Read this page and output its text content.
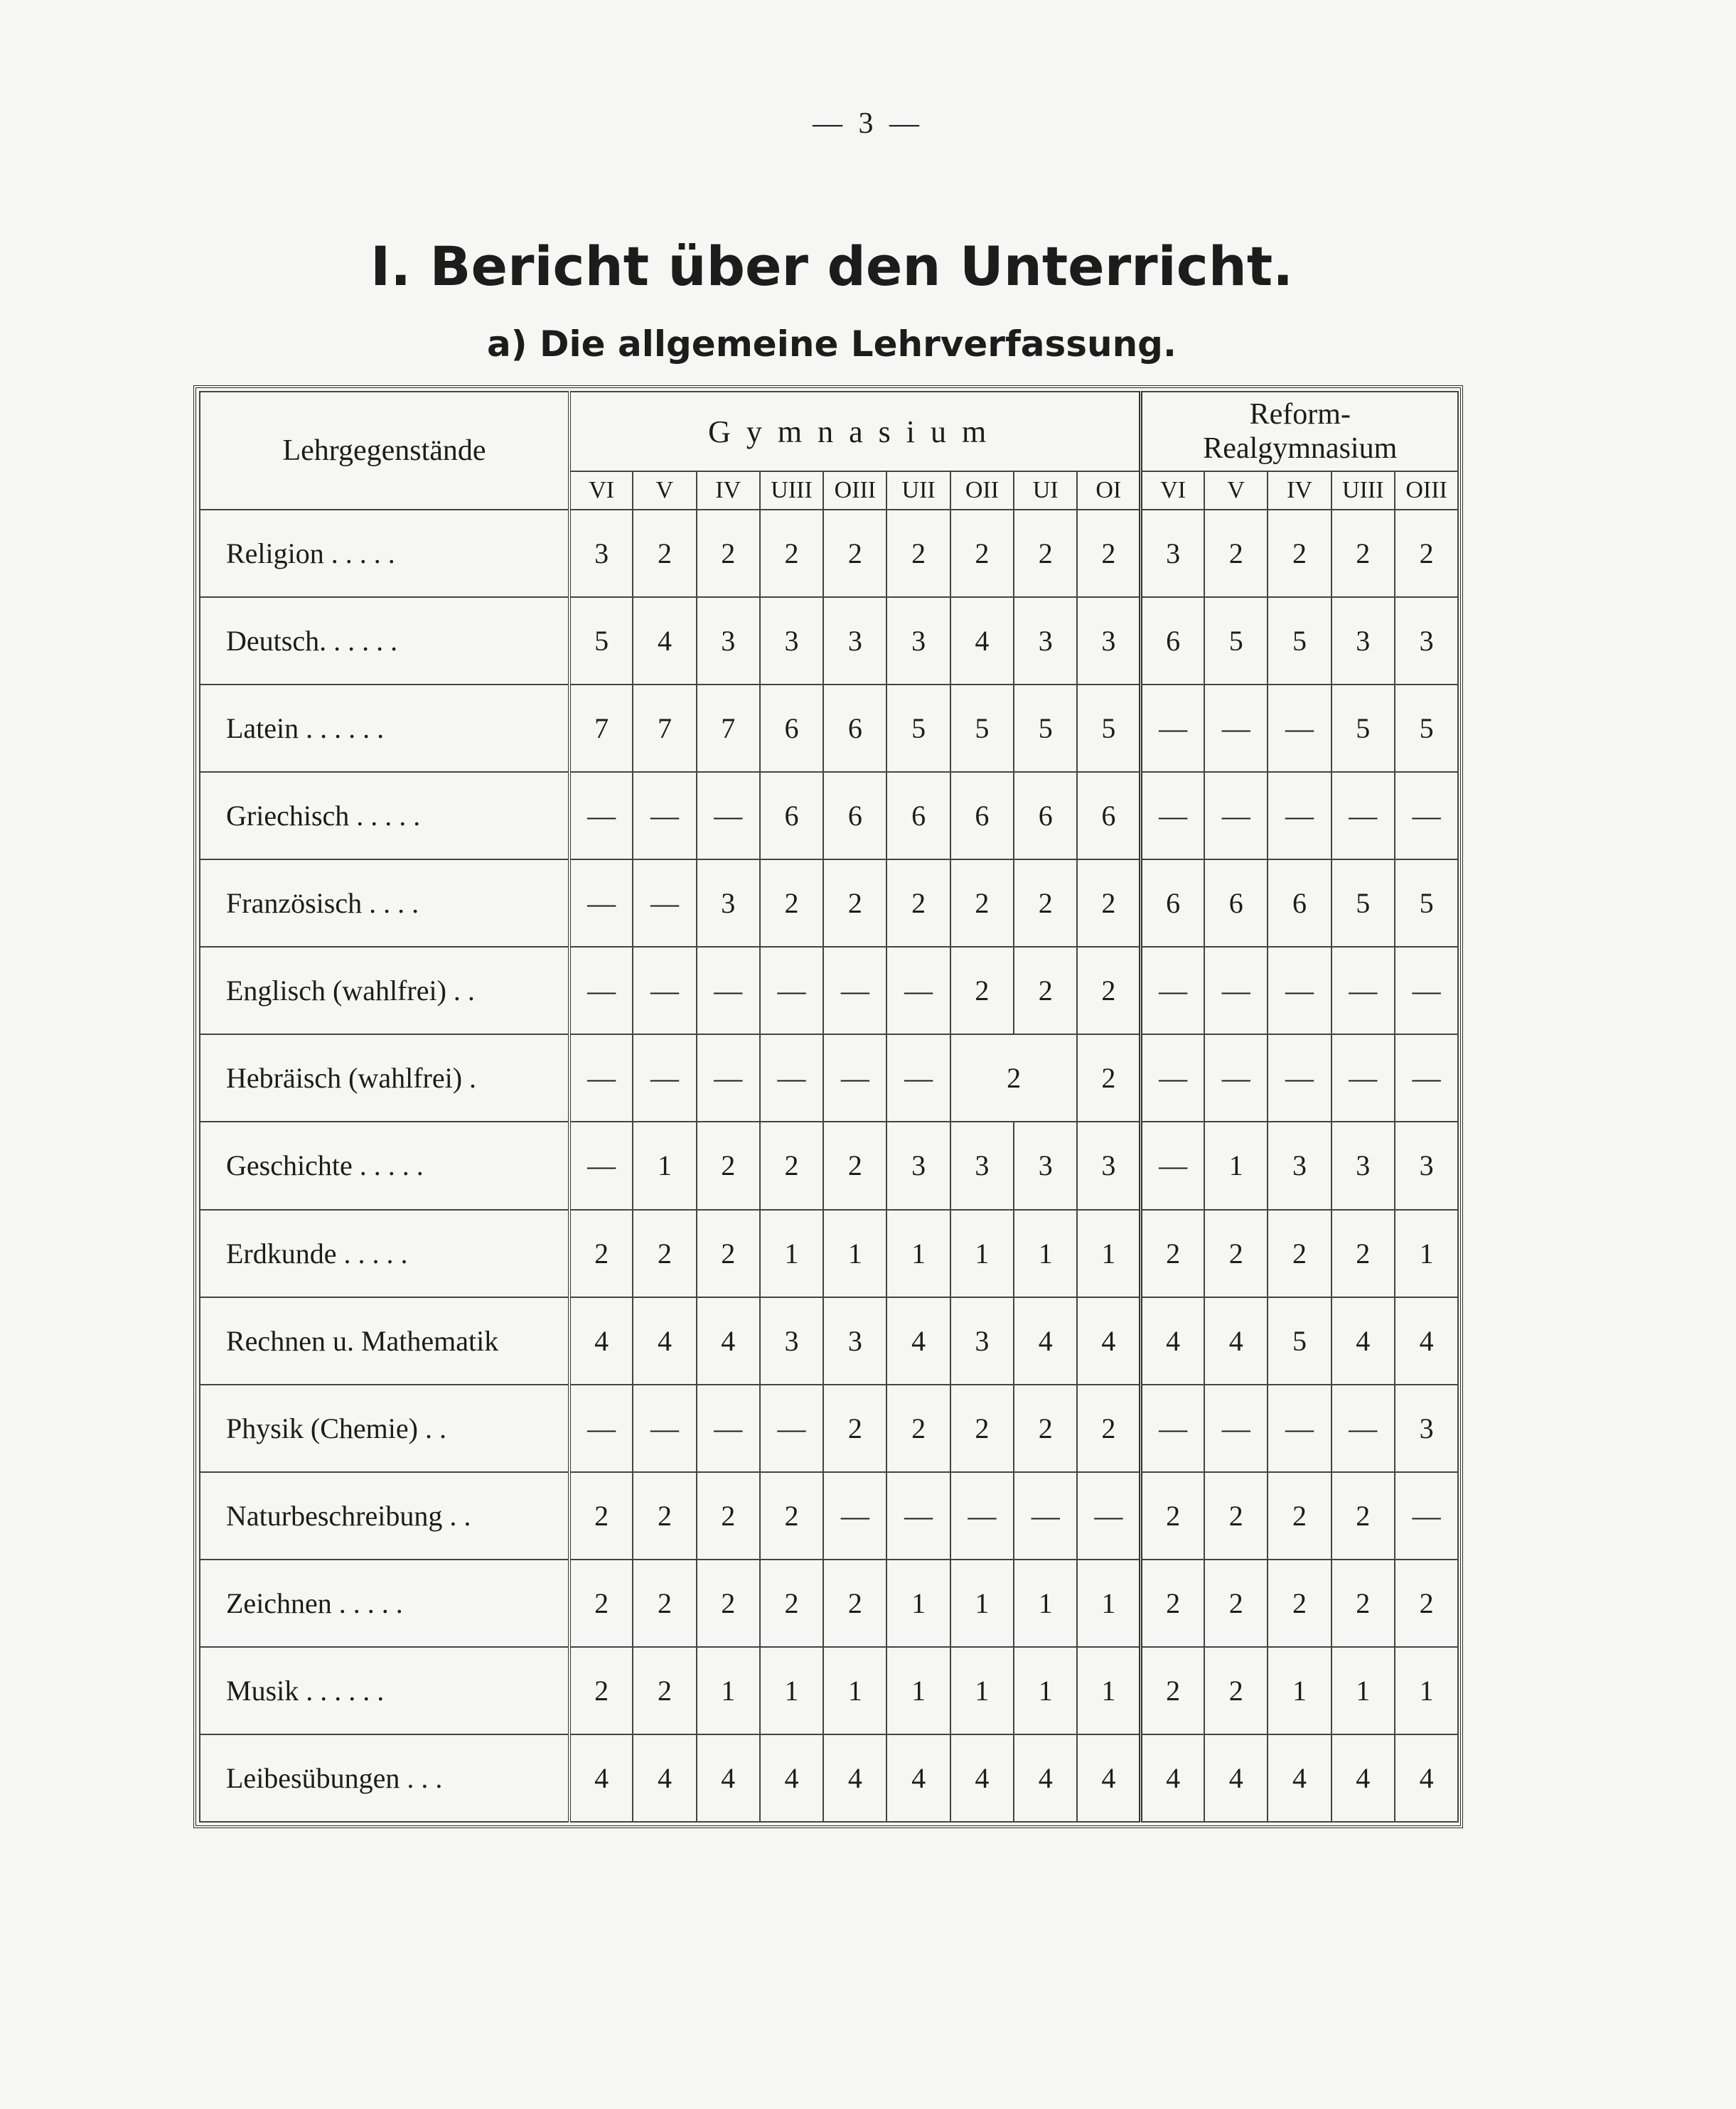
— 3 —
I. Bericht über den Unterricht.
a) Die allgemeine Lehrverfassung.
Lehrgegenstände	Gymnasium									Reform-
Realgymnasium				

	VI	V	IV	UIII	OIII	UII	OII	UI	OI	VI	V	IV	UIII	OIII
Religion . . . . .	3	2	2	2	2	2	2	2	2	3	2	2	2	2
Deutsch. . . . . .	5	4	3	3	3	3	4	3	3	6	5	5	3	3
Latein . . . . . .	7	7	7	6	6	5	5	5	5	—	—	—	5	5
Griechisch . . . . .	—	—	—	6	6	6	6	6	6	—	—	—	—	—
Französisch . . . .	—	—	3	2	2	2	2	2	2	6	6	6	5	5
Englisch (wahlfrei) . .	—	—	—	—	—	—	2	2	2	—	—	—	—	—
Hebräisch (wahlfrei) .	—	—	—	—	—	—	2		2	—	—	—	—	—
Geschichte . . . . .	—	1	2	2	2	3	3	3	3	—	1	3	3	3
Erdkunde . . . . .	2	2	2	1	1	1	1	1	1	2	2	2	2	1
Rechnen u. Mathematik	4	4	4	3	3	4	3	4	4	4	4	5	4	4
Physik (Chemie) . .	—	—	—	—	2	2	2	2	2	—	—	—	—	3
Naturbeschreibung . .	2	2	2	2	—	—	—	—	—	2	2	2	2	—
Zeichnen . . . . .	2	2	2	2	2	1	1	1	1	2	2	2	2	2
Musik . . . . . .	2	2	1	1	1	1	1	1	1	2	2	1	1	1
Leibesübungen . . .	4	4	4	4	4	4	4	4	4	4	4	4	4	4
